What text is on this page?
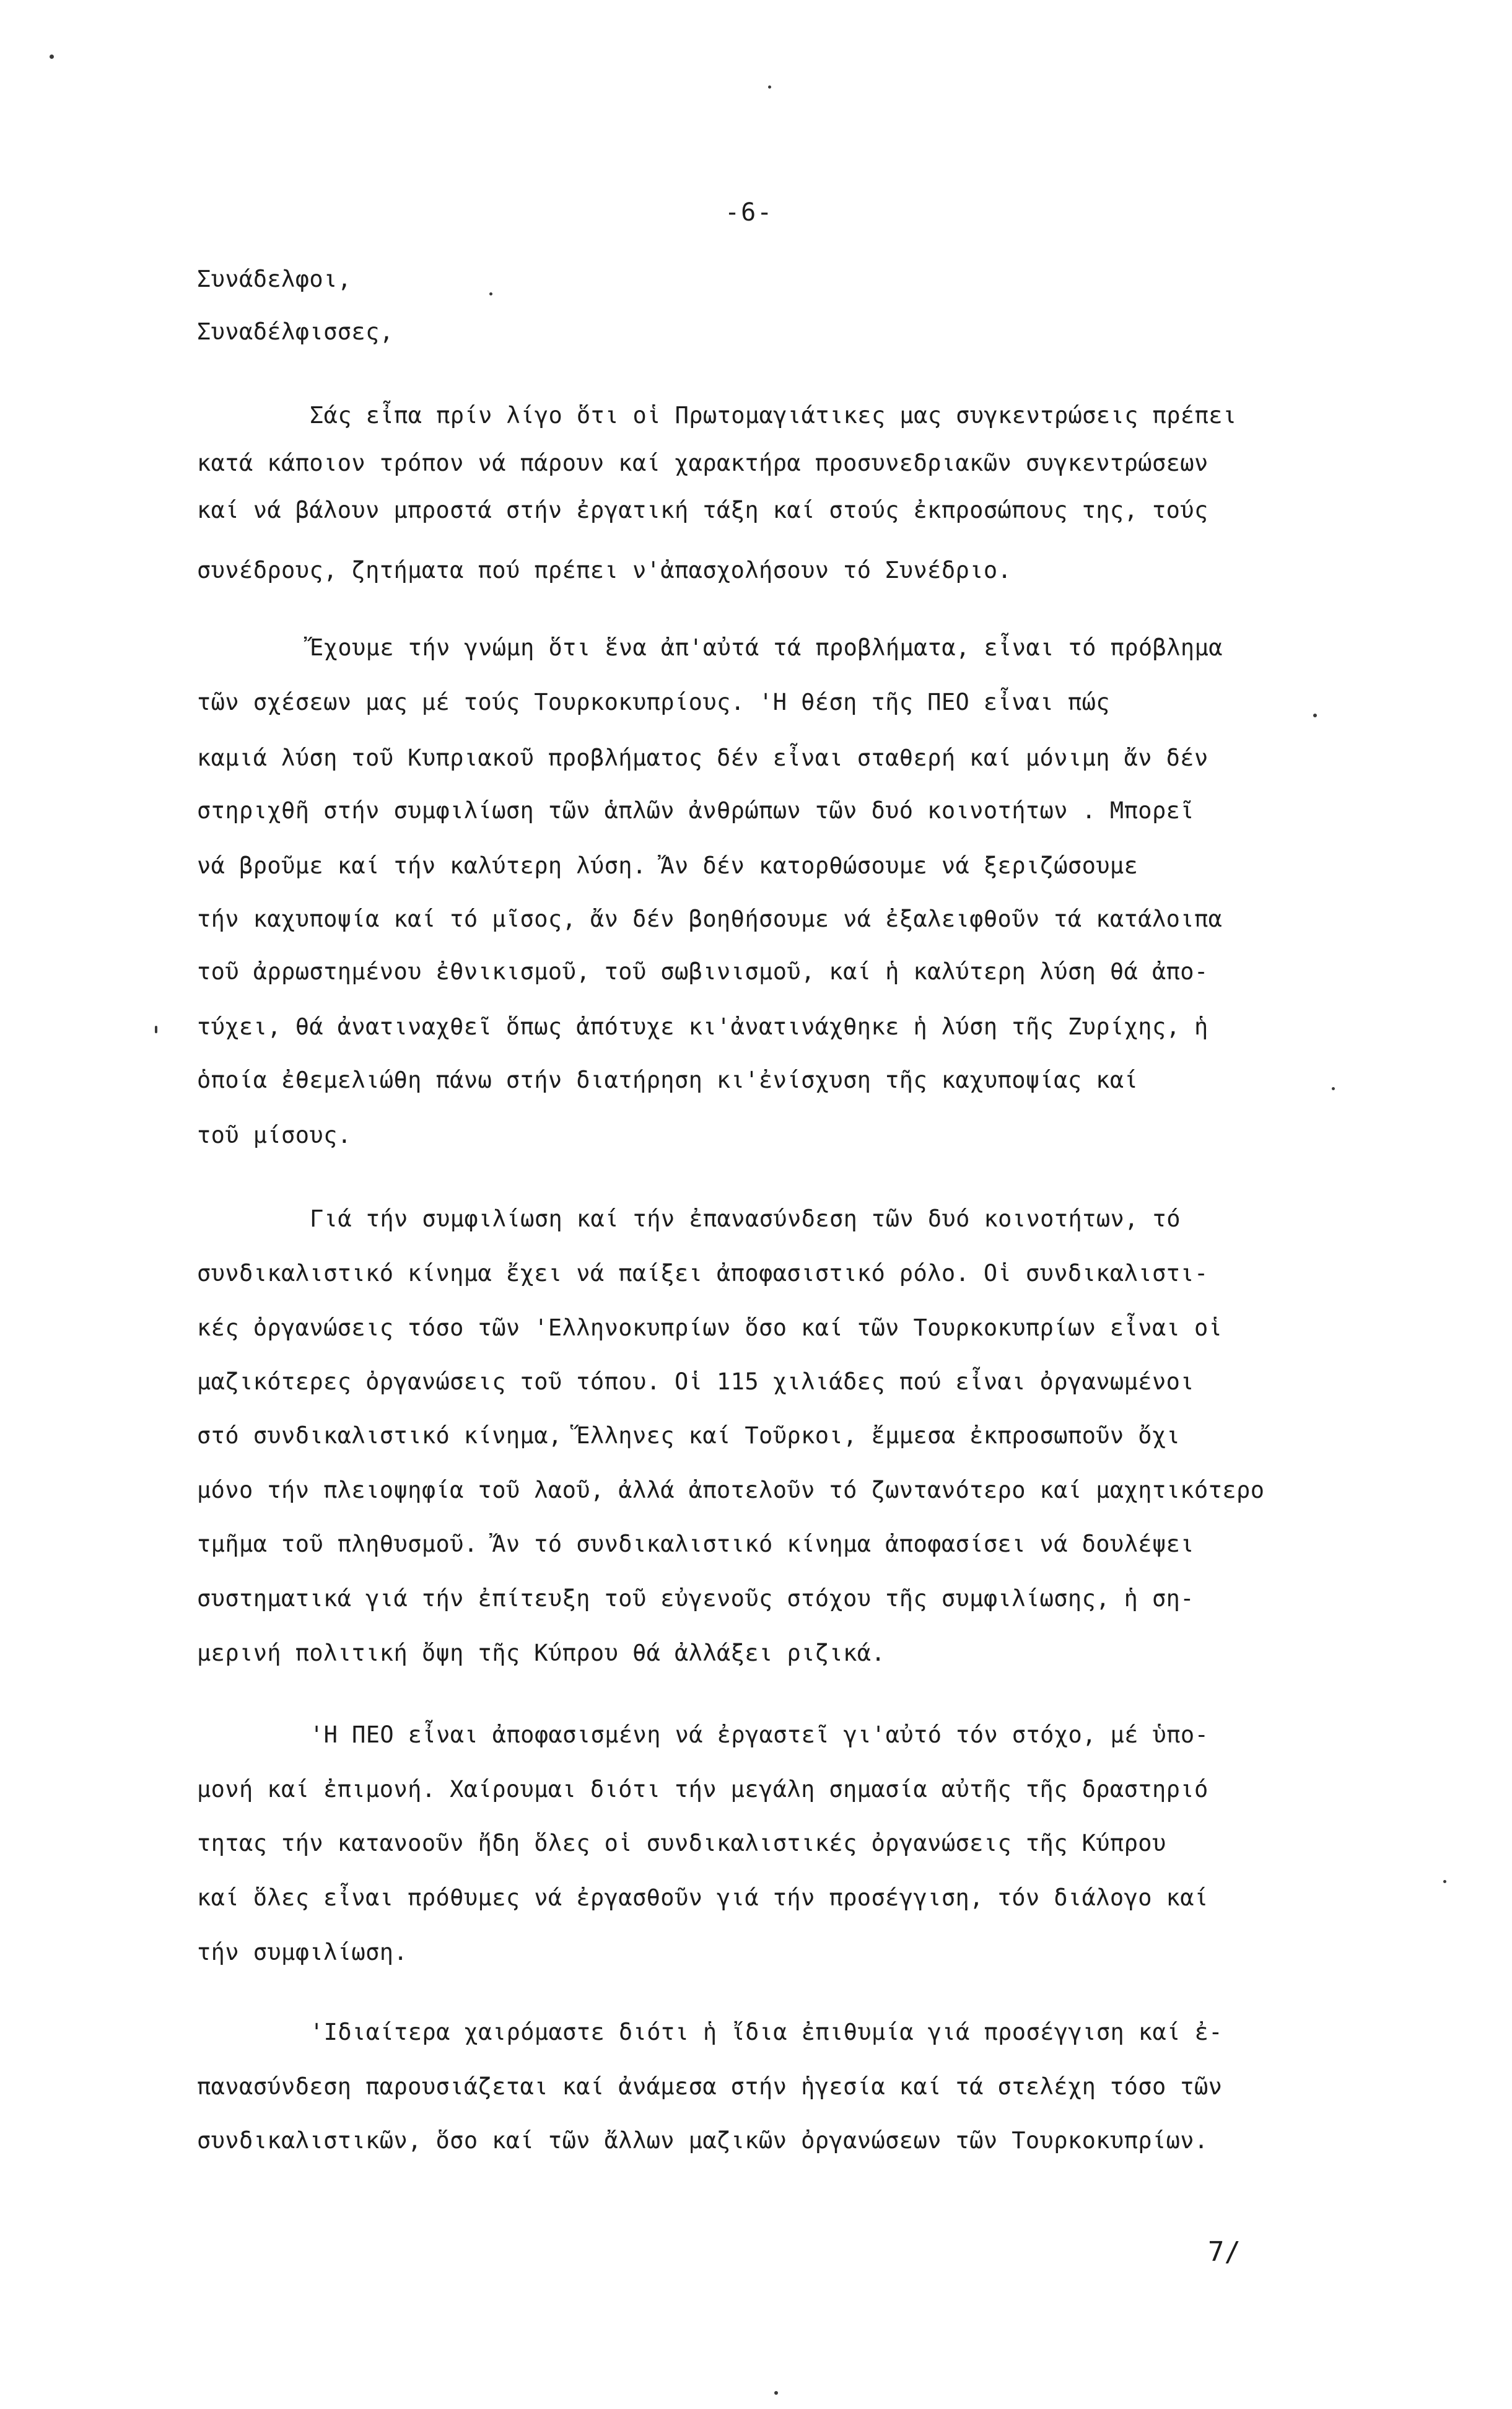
-6-
Συνάδελφοι,
Συναδέλφισσες,
Σάς εἶπα πρίν λίγο ὅτι οἱ Πρωτομαγιάτικες μας συγκεντρώσεις πρέπει
κατά κάποιον τρόπον νά πάρουν καί χαρακτήρα προσυνεδριακῶν συγκεντρώσεων
καί νά βάλουν μπροστά στήν ἐργατική τάξη καί στούς ἐκπροσώπους της, τούς
συνέδρους, ζητήματα πού πρέπει ν'ἀπασχολήσουν τό Συνέδριο.
Ἔχουμε τήν γνώμη ὅτι ἕνα ἀπ'αὐτά τά προβλήματα, εἶναι τό πρόβλημα
τῶν σχέσεων μας μέ τούς Τουρκοκυπρίους. 'Η θέση τῆς ΠΕΟ εἶναι πώς
καμιά λύση τοῦ Κυπριακοῦ προβλήματος δέν εἶναι σταθερή καί μόνιμη ἄν δέν
στηριχθῆ στήν συμφιλίωση τῶν ἁπλῶν ἀνθρώπων τῶν δυό κοινοτήτων . Μπορεῖ
νά βροῦμε καί τήν καλύτερη λύση. Ἄν δέν κατορθώσουμε νά ξεριζώσουμε
τήν καχυποψία καί τό μῖσος, ἄν δέν βοηθήσουμε νά ἐξαλειφθοῦν τά κατάλοιπα
τοῦ ἀρρωστημένου ἐθνικισμοῦ, τοῦ σωβινισμοῦ, καί ἡ καλύτερη λύση θά ἀπο-
τύχει, θά ἀνατιναχθεῖ ὅπως ἀπότυχε κι'ἀνατινάχθηκε ἡ λύση τῆς Ζυρίχης, ἡ
ὁποία ἐθεμελιώθη πάνω στήν διατήρηση κι'ἐνίσχυση τῆς καχυποψίας καί
τοῦ μίσους.
Γιά τήν συμφιλίωση καί τήν ἐπανασύνδεση τῶν δυό κοινοτήτων, τό
συνδικαλιστικό κίνημα ἔχει νά παίξει ἀποφασιστικό ρόλο. Οἱ συνδικαλιστι-
κές ὀργανώσεις τόσο τῶν 'Ελληνοκυπρίων ὅσο καί τῶν Τουρκοκυπρίων εἶναι οἱ
μαζικότερες ὀργανώσεις τοῦ τόπου. Οἱ 115 χιλιάδες πού εἶναι ὀργανωμένοι
στό συνδικαλιστικό κίνημα, Ἕλληνες καί Τοῦρκοι, ἔμμεσα ἐκπροσωποῦν ὄχι
μόνο τήν πλειοψηφία τοῦ λαοῦ, ἀλλά ἀποτελοῦν τό ζωντανότερο καί μαχητικότερο
τμῆμα τοῦ πληθυσμοῦ. Ἄν τό συνδικαλιστικό κίνημα ἀποφασίσει νά δουλέψει
συστηματικά γιά τήν ἐπίτευξη τοῦ εὐγενοῦς στόχου τῆς συμφιλίωσης, ἡ ση-
μερινή πολιτική ὄψη τῆς Κύπρου θά ἀλλάξει ριζικά.
'Η ΠΕΟ εἶναι ἀποφασισμένη νά ἐργαστεῖ γι'αὐτό τόν στόχο, μέ ὑπο-
μονή καί ἐπιμονή. Χαίρουμαι διότι τήν μεγάλη σημασία αὐτῆς τῆς δραστηριό
τητας τήν κατανοοῦν ἤδη ὅλες οἱ συνδικαλιστικές ὀργανώσεις τῆς Κύπρου
καί ὅλες εἶναι πρόθυμες νά ἐργασθοῦν γιά τήν προσέγγιση, τόν διάλογο καί
τήν συμφιλίωση.
'Ιδιαίτερα χαιρόμαστε διότι ἡ ἴδια ἐπιθυμία γιά προσέγγιση καί ἐ-
πανασύνδεση παρουσιάζεται καί ἀνάμεσα στήν ἡγεσία καί τά στελέχη τόσο τῶν
συνδικαλιστικῶν, ὅσο καί τῶν ἄλλων μαζικῶν ὀργανώσεων τῶν Τουρκοκυπρίων.
7/
